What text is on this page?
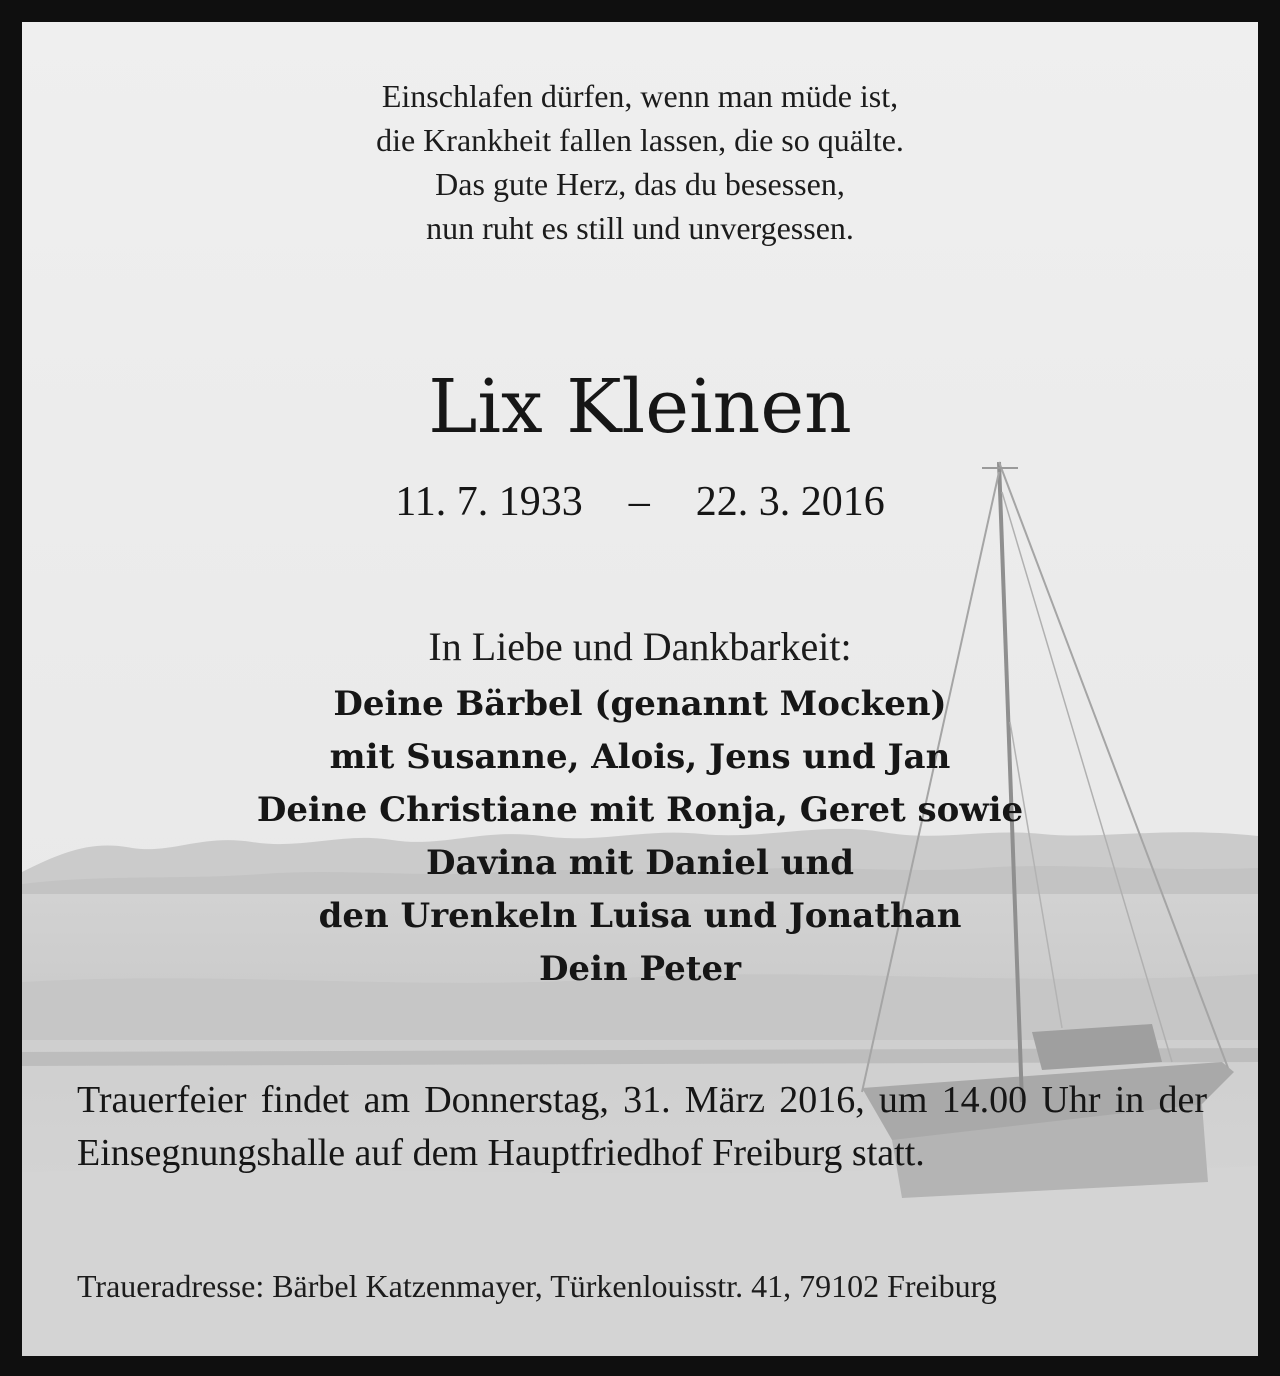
Einschlafen dürfen, wenn man müde ist,
die Krankheit fallen lassen, die so quälte.
Das gute Herz, das du besessen,
nun ruht es still und unvergessen.
Lix Kleinen
11. 7. 1933 – 22. 3. 2016
In Liebe und Dankbarkeit:
Deine Bärbel (genannt Mocken)
mit Susanne, Alois, Jens und Jan
Deine Christiane mit Ronja, Geret sowie
Davina mit Daniel und
den Urenkeln Luisa und Jonathan
Dein Peter
Trauerfeier findet am Donnerstag, 31. März 2016, um 14.00 Uhr in der Einsegnungshalle auf dem Hauptfriedhof Freiburg statt.
Traueradresse: Bärbel Katzenmayer, Türkenlouisstr. 41, 79102 Freiburg
